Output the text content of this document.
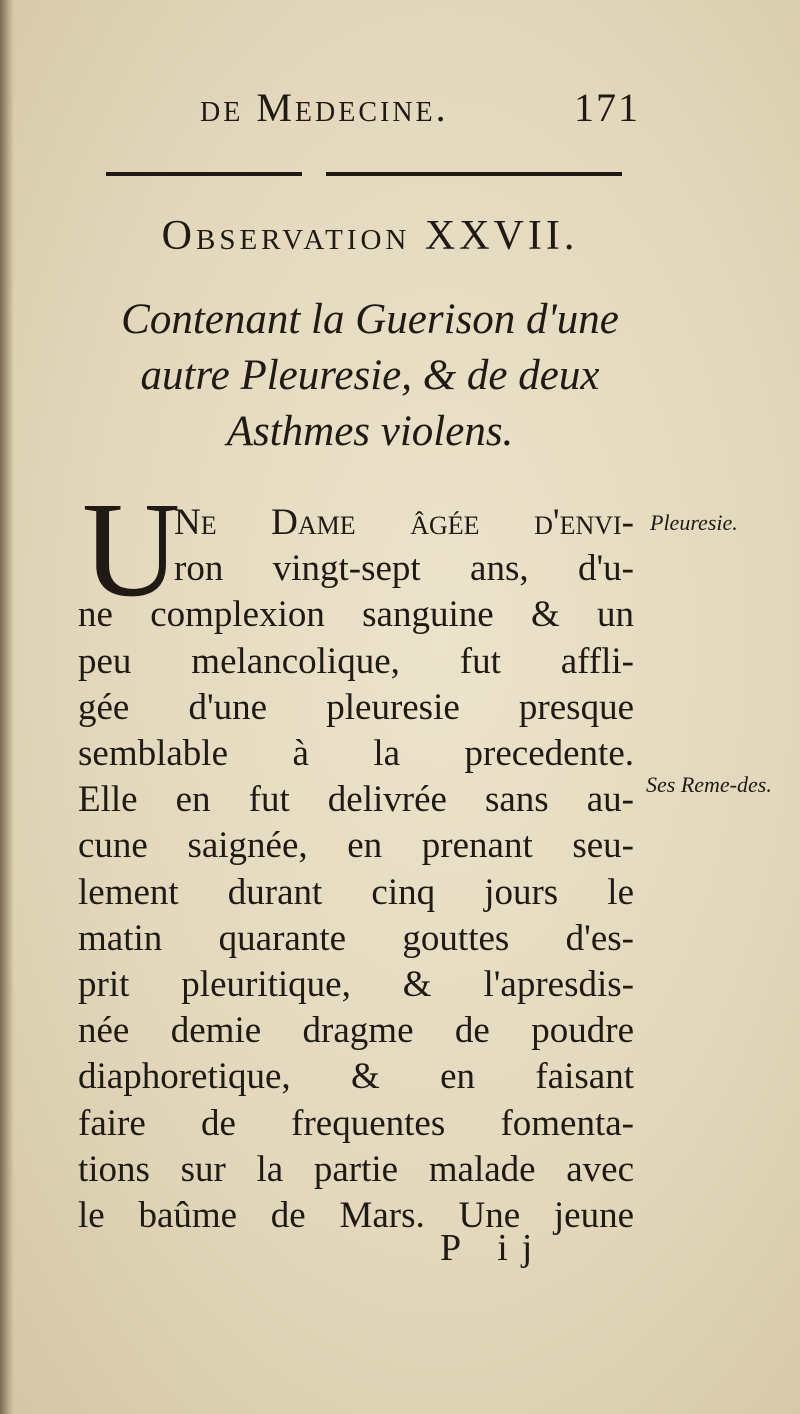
de Medecine.	171
Observation XXVII.
Contenant la Guerison d'une
autre Pleuresie, & de deux
Asthmes violens.
U
Ne Dame âgée d'envi-
ron vingt-sept ans, d'u-
ne complexion sanguine & un
peu melancolique, fut affli-
gée d'une pleuresie presque
semblable à la precedente.
Elle en fut delivrée sans au-
cune saignée, en prenant seu-
lement durant cinq jours le
matin quarante gouttes d'es-
prit pleuritique, & l'apresdis-
née demie dragme de poudre
diaphoretique, & en faisant
faire de frequentes fomenta-
tions sur la partie malade avec
le baûme de Mars. Une jeune
P ij
Pleuresie.
Ses Reme-des.
